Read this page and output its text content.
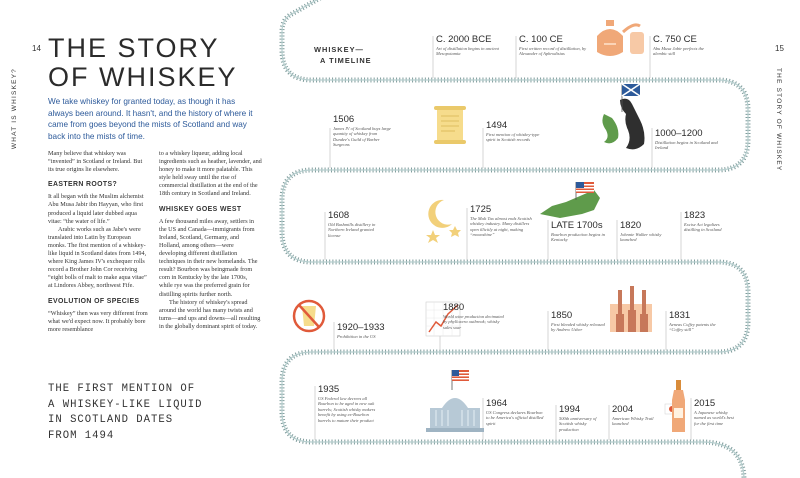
14
WHAT IS WHISKEY?
THE STORY
OF WHISKEY
We take whiskey for granted today, as though it has always been around. It hasn't, and the history of where it came from goes beyond the mists of Scotland and way back into the mists of time.

Many believe that whiskey was “invented” in Scotland or Ireland. But its true origins lie elsewhere.

EASTERN ROOTS?

It all began with the Muslim alchemist Abu Musa Jabir ibn Hayyan, who first produced a liquid later dubbed aqua vitae: “the water of life.”

Arabic works such as Jabe's were translated into Latin by European monks. The first mention of a whiskey-like liquid in Scotland dates from 1494, where King James IV's exchequer rolls record a Brother John Cor receiving “eight bolls of malt to make aqua vitae” at Lindores Abbey, northwest Fife.

EVOLUTION OF SPECIES

“Whiskey” then was very different from what we'd expect now. It probably bore more resemblance

to a whiskey liqueur, adding local ingredients such as heather, lavender, and honey to make it more palatable. This style held sway until the rise of commercial distillation at the end of the 18th century in Scotland and Ireland.

WHISKEY GOES WEST

A few thousand miles away, settlers in the US and Canada—immigrants from Ireland, Scotland, Germany, and Holland, among others—were developing different distillation techniques in their new homelands. The result? Bourbon was beingmade from corn in Kentucky by the late 1700s, while rye was the preferred grain for distilling spirits further north.

The history of whiskey's spread around the world has many twists and turns—and ups and downs—all resulting in the globally dominant spirit of today.

THE FIRST MENTION OF
A WHISKEY-LIKE LIQUID
IN SCOTLAND DATES
FROM 1494
15
THE STORY OF WHISKEY
WHISKEY—
A TIMELINE
C. 2000 BCE
Art of distillation begins in ancient Mesopotamia
C. 100 CE
First written record of distillation, by Alexander of Aphrodisias
C. 750 CE
Abu Musa Jabir perfects the alembic still
1506
James IV of Scotland buys large quantity of whiskey from Dundee's Guild of Barber Surgeons
1494
First mention of whiskey-type spirit in Scottish records
1000–1200
Distillation begins in Scotland and Ireland
1608
Old Bushmills distillery in Northern Ireland granted license
1725
The Malt Tax almost ends Scottish whiskey industry. Many distillers open illicitly at night, making “moonshine”
LATE 1700s
Bourbon production begins in Kentucky
1820
Johnnie Walker whisky launched
1823
Excise Act legalizes distilling in Scotland
1920–1933
Prohibition in the US
1880
World wine production decimated by phylloxera outbreak; whisky sales soar
1850
First blended whisky released by Andrew Usher
1831
Aeneas Coffey patents the “Coffey still”
1935
US Federal law decrees all Bourbon to be aged in new oak barrels; Scottish whisky makers benefit by using ex-Bourbon barrels to mature their product
1964
US Congress declares Bourbon to be America's official distilled spirit
1994
500th anniversary of Scottish whisky production
2004
American Whisky Trail launched
2015
A Japanese whisky named as world's best for the first time
